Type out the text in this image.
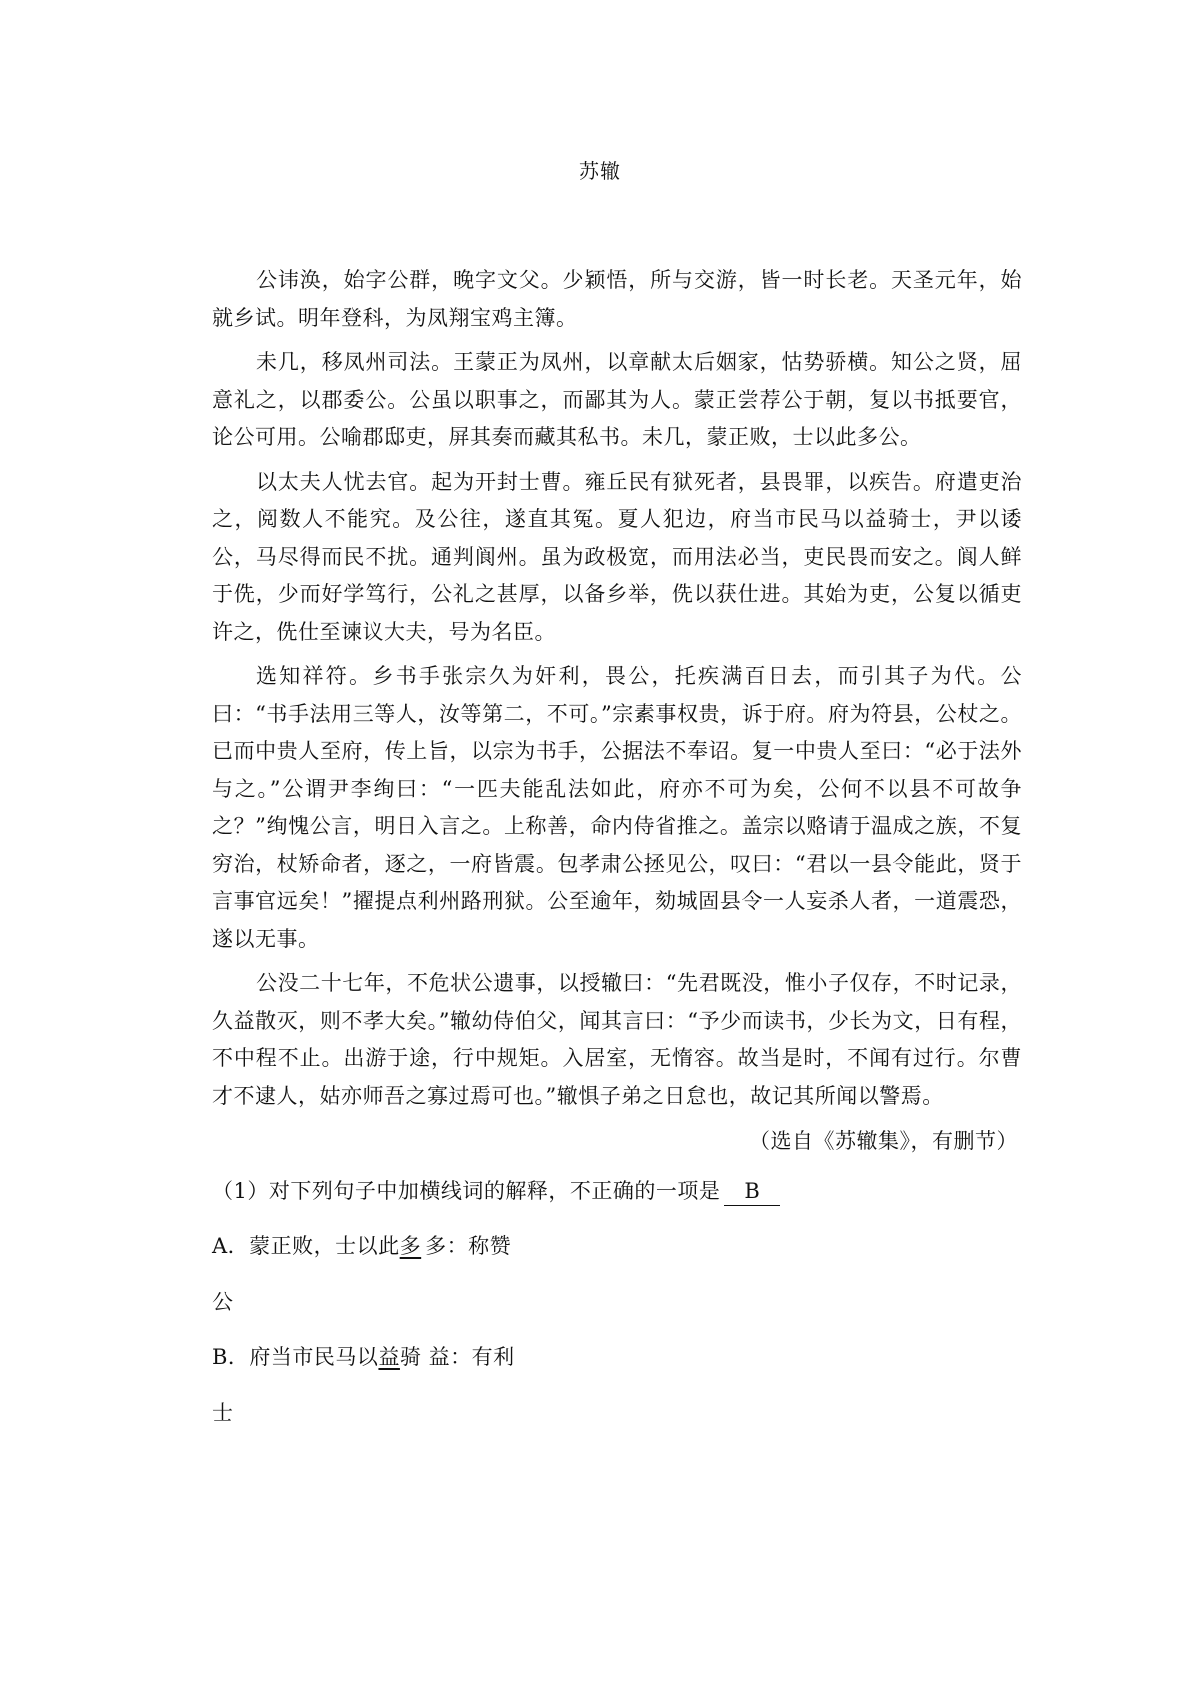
苏辙

公讳涣，始字公群，晚字文父。少颖悟，所与交游，皆一时长老。天圣元年，始就乡试。明年登科，为凤翔宝鸡主簿。

未几，移凤州司法。王蒙正为凤州，以章献太后姻家，怙势骄横。知公之贤，屈意礼之，以郡委公。公虽以职事之，而鄙其为人。蒙正尝荐公于朝，复以书抵要官，论公可用。公喻郡邸吏，屏其奏而藏其私书。未几，蒙正败，士以此多公。

以太夫人忧去官。起为开封士曹。雍丘民有狱死者，县畏罪，以疾告。府遣吏治之，阅数人不能究。及公往，遂直其冤。夏人犯边，府当市民马以益骑士，尹以诿公，马尽得而民不扰。通判阆州。虽为政极宽，而用法必当，吏民畏而安之。阆人鲜于侁，少而好学笃行，公礼之甚厚，以备乡举，侁以获仕进。其始为吏，公复以循吏许之，侁仕至谏议大夫，号为名臣。

选知祥符。乡书手张宗久为奸利，畏公，托疾满百日去，而引其子为代。公曰：“书手法用三等人，汝等第二，不可。”宗素事权贵，诉于府。府为符县，公杖之。已而中贵人至府，传上旨，以宗为书手，公据法不奉诏。复一中贵人至曰：“必于法外与之。”公谓尹李绚曰：“一匹夫能乱法如此，府亦不可为矣，公何不以县不可故争之？”绚愧公言，明日入言之。上称善，命内侍省推之。盖宗以赂请于温成之族，不复穷治，杖矫命者，逐之，一府皆震。包孝肃公拯见公，叹曰：“君以一县令能此，贤于言事官远矣！”擢提点利州路刑狱。公至逾年，劾城固县令一人妄杀人者，一道震恐，遂以无事。

公没二十七年，不危状公遗事，以授辙曰：“先君既没，惟小子仅存，不时记录，久益散灭，则不孝大矣。”辙幼侍伯父，闻其言曰：“予少而读书，少长为文，日有程，不中程不止。出游于途，行中规矩。入居室，无惰容。故当是时，不闻有过行。尔曹才不逮人，姑亦师吾之寡过焉可也。”辙惧子弟之日怠也，故记其所闻以警焉。

（选自《苏辙集》，有删节）
（1）对下列句子中加横线词的解释，不正确的一项是 B
A．蒙正败，士以此多 多：称赞
公
B．府当市民马以益骑 益：有利
士
